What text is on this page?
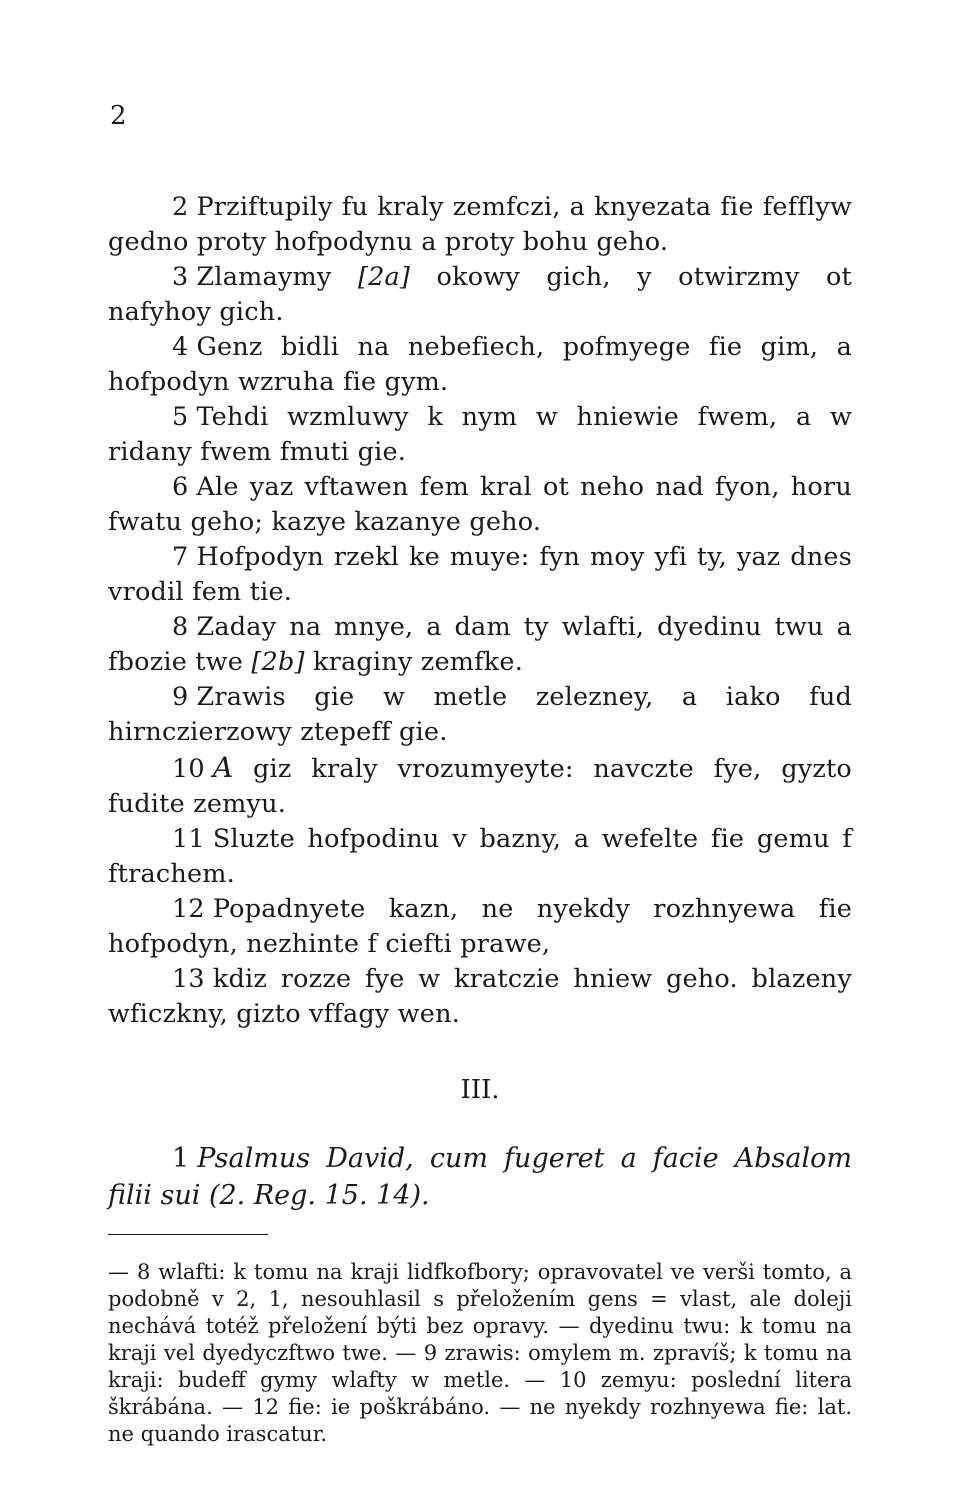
2

2 Prziftupily fu kraly zemfczi, a knyezata fie fefflyw gedno proty hofpodynu a proty bohu geho.

3 Zlamaymy [2a] okowy gich, y otwirzmy ot nafyhoy gich.

4 Genz bidli na nebefiech, pofmyege fie gim, a hofpodyn wzruha fie gym.

5 Tehdi wzmluwy k nym w hniewie fwem, a w ridany fwem fmuti gie.

6 Ale yaz vftawen fem kral ot neho nad fyon, horu fwatu geho; kazye kazanye geho.

7 Hofpodyn rzekl ke muye: fyn moy yfi ty, yaz dnes vrodil fem tie.

8 Zaday na mnye, a dam ty wlafti, dyedinu twu a fbozie twe [2b] kraginy zemfke.

9 Zrawis gie w metle zelezney, a iako fud hirnczierzowy ztepeff gie.

10 A giz kraly vrozumyeyte: navczte fye, gyzto fudite zemyu.

11 Sluzte hofpodinu v bazny, a wefelte fie gemu f ftrachem.

12 Popadnyete kazn, ne nyekdy rozhnyewa fie hofpodyn, nezhinte f ciefti prawe,

13 kdiz rozze fye w kratczie hniew geho. blazeny wficzkny, gizto vffagy wen.

III.

1 Psalmus David, cum fugeret a facie Absalom filii sui (2. Reg. 15. 14).

— 8 wlafti: k tomu na kraji lidfkofbory; opravovatel ve verši tomto, a podobně v 2, 1, nesouhlasil s přeložením gens = vlast, ale doleji nechává totéž přeložení býti bez opravy. — dyedinu twu: k tomu na kraji vel dyedyczftwo twe. — 9 zrawis: omylem m. zpravíš; k tomu na kraji: budeff gymy wlafty w metle. — 10 zemyu: poslední litera škrábána. — 12 fie: ie poškrábáno. — ne nyekdy rozhnyewa fie: lat. ne quando irascatur.
